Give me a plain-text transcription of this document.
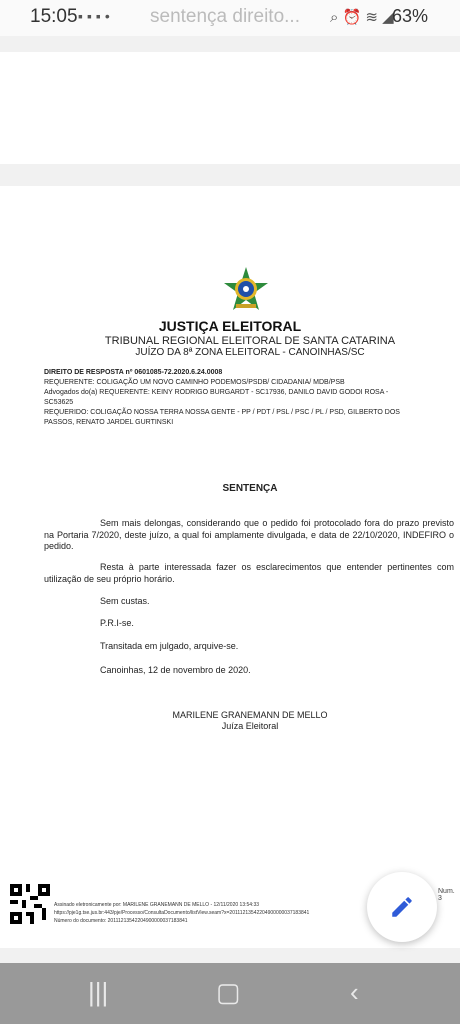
15:05 ▪▪▪• sentença direito... ⌕ ⏰ ≋ ◢
63%
JUSTIÇA ELEITORAL
TRIBUNAL REGIONAL ELEITORAL DE SANTA CATARINA
JUÍZO DA 8ª ZONA ELEITORAL - CANOINHAS/SC
DIREITO DE RESPOSTA nº 0601085-72.2020.6.24.0008
REQUERENTE: COLIGAÇÃO UM NOVO CAMINHO PODEMOS/PSDB/ CIDADANIA/ MDB/PSB
Advogados do(a) REQUERENTE: KEINY RODRIGO BURGARDT - SC17936, DANILO DAVID GODOI ROSA -
SC53625
REQUERIDO: COLIGAÇÃO NOSSA TERRA NOSSA GENTE - PP / PDT / PSL / PSC / PL / PSD, GILBERTO DOS
PASSOS, RENATO JARDEL GURTINSKI
SENTENÇA
Sem mais delongas, considerando que o pedido foi protocolado fora do prazo previsto na Portaria 7/2020, deste juízo, a qual foi amplamente divulgada, e data de 22/10/2020, INDEFIRO o pedido.
Resta à parte interessada fazer os esclarecimentos que entender pertinentes com utilização de seu próprio horário.
Sem custas.
P.R.I-se.
Transitada em julgado, arquive-se.
Canoinhas, 12 de novembro de 2020.
MARILENE GRANEMANN DE MELLO
Juíza Eleitoral
Assinado eletronicamente por: MARILENE GRANEMANN DE MELLO - 12/11/2020 13:54:33
https://pje1g.tse.jus.br:443/pje/Processo/ConsultaDocumento/listView.seam?x=20111213542204900000037183841
Número do documento: 20111213542204900000037183841
Num. 3
|||	▢	‹
